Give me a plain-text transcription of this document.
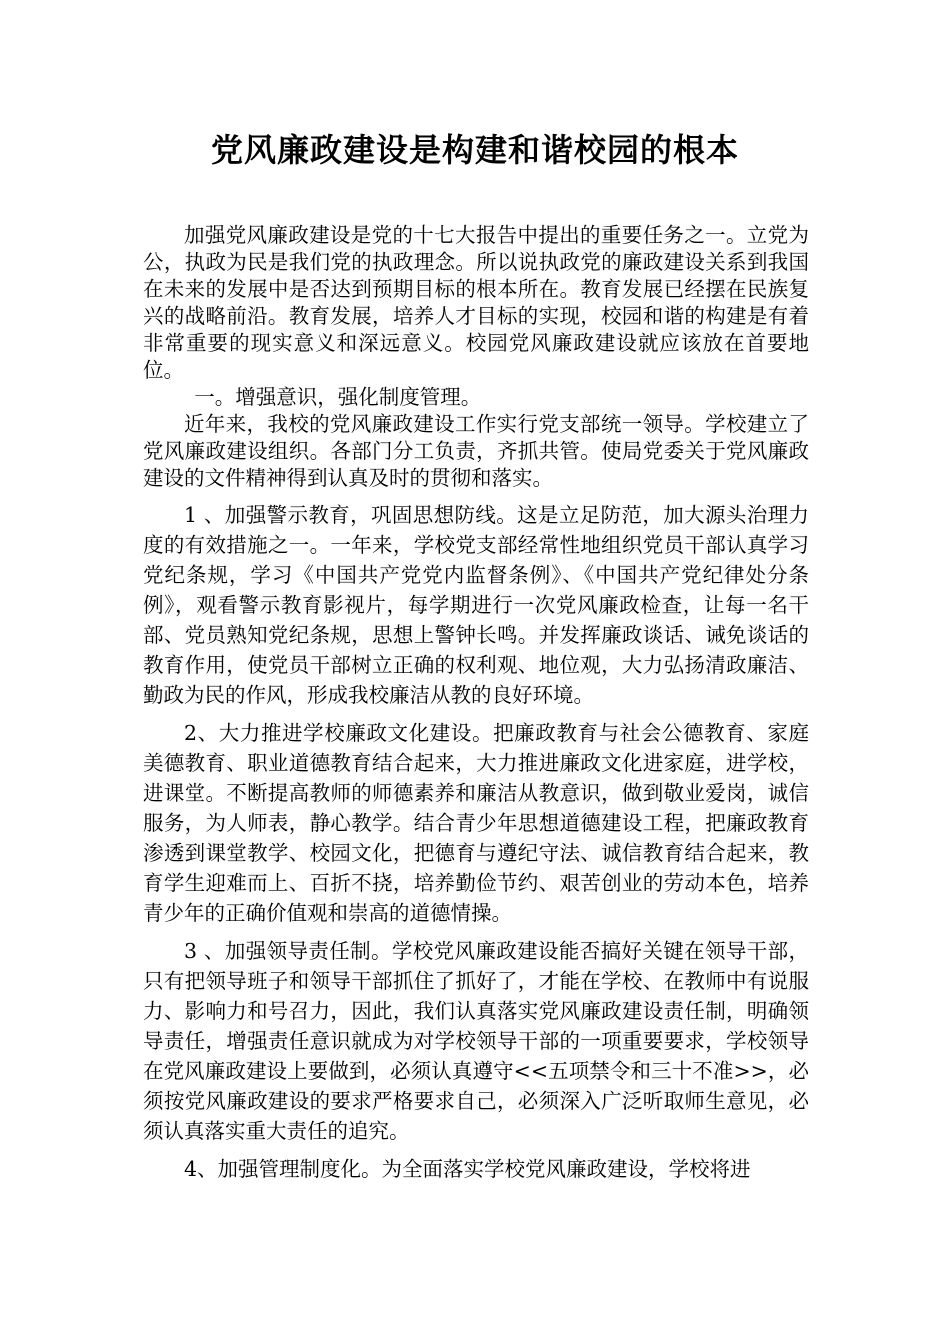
党风廉政建设是构建和谐校园的根本

加强党风廉政建设是党的十七大报告中提出的重要任务之一。立党为公，执政为民是我们党的执政理念。所以说执政党的廉政建设关系到我国在未来的发展中是否达到预期目标的根本所在。教育发展已经摆在民族复兴的战略前沿。教育发展，培养人才目标的实现，校园和谐的构建是有着非常重要的现实意义和深远意义。校园党风廉政建设就应该放在首要地位。

一。增强意识，强化制度管理。

近年来，我校的党风廉政建设工作实行党支部统一领导。学校建立了党风廉政建设组织。各部门分工负责，齐抓共管。使局党委关于党风廉政建设的文件精神得到认真及时的贯彻和落实。

1 、加强警示教育，巩固思想防线。这是立足防范，加大源头治理力度的有效措施之一。一年来，学校党支部经常性地组织党员干部认真学习党纪条规，学习《中国共产党党内监督条例》、《中国共产党纪律处分条例》，观看警示教育影视片，每学期进行一次党风廉政检查，让每一名干部、党员熟知党纪条规，思想上警钟长鸣。并发挥廉政谈话、诫免谈话的教育作用，使党员干部树立正确的权利观、地位观，大力弘扬清政廉洁、勤政为民的作风，形成我校廉洁从教的良好环境。

2、大力推进学校廉政文化建设。把廉政教育与社会公德教育、家庭美德教育、职业道德教育结合起来，大力推进廉政文化进家庭，进学校，进课堂。不断提高教师的师德素养和廉洁从教意识，做到敬业爱岗，诚信服务，为人师表，静心教学。结合青少年思想道德建设工程，把廉政教育渗透到课堂教学、校园文化，把德育与遵纪守法、诚信教育结合起来，教育学生迎难而上、百折不挠，培养勤俭节约、艰苦创业的劳动本色，培养青少年的正确价值观和崇高的道德情操。

3 、加强领导责任制。学校党风廉政建设能否搞好关键在领导干部，只有把领导班子和领导干部抓住了抓好了，才能在学校、在教师中有说服力、影响力和号召力，因此，我们认真落实党风廉政建设责任制，明确领导责任，增强责任意识就成为对学校领导干部的一项重要要求，学校领导在党风廉政建设上要做到，必须认真遵守<<五项禁令和三十不准>>，必须按党风廉政建设的要求严格要求自己，必须深入广泛听取师生意见，必须认真落实重大责任的追究。

4、加强管理制度化。为全面落实学校党风廉政建设，学校将进
